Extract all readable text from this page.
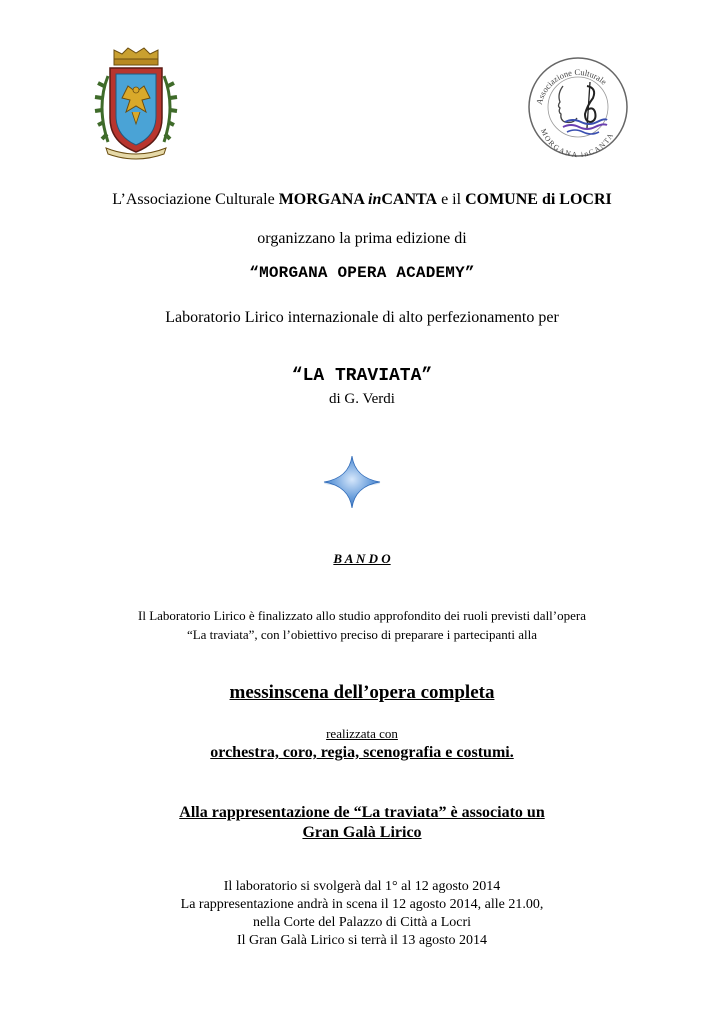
Associazione Culturale
MORGANA inCANTA
L’Associazione Culturale MORGANA inCANTA e il COMUNE di LOCRI
organizzano la prima edizione di
“MORGANA OPERA ACADEMY”
Laboratorio Lirico internazionale di alto perfezionamento per
“LA TRAVIATA”
di G. Verdi
B A N D O
Il Laboratorio Lirico è finalizzato allo studio approfondito dei ruoli previsti dall’opera
“La traviata”, con l’obiettivo preciso di preparare i partecipanti alla
messinscena dell’opera completa
realizzata con
orchestra, coro, regia, scenografia e costumi.
Alla rappresentazione de “La traviata” è associato un
Gran Galà Lirico
Il laboratorio si svolgerà dal 1° al 12 agosto 2014
La rappresentazione andrà in scena il 12 agosto 2014, alle 21.00,
nella Corte del Palazzo di Città a Locri
Il Gran Galà Lirico si terrà il 13 agosto 2014
